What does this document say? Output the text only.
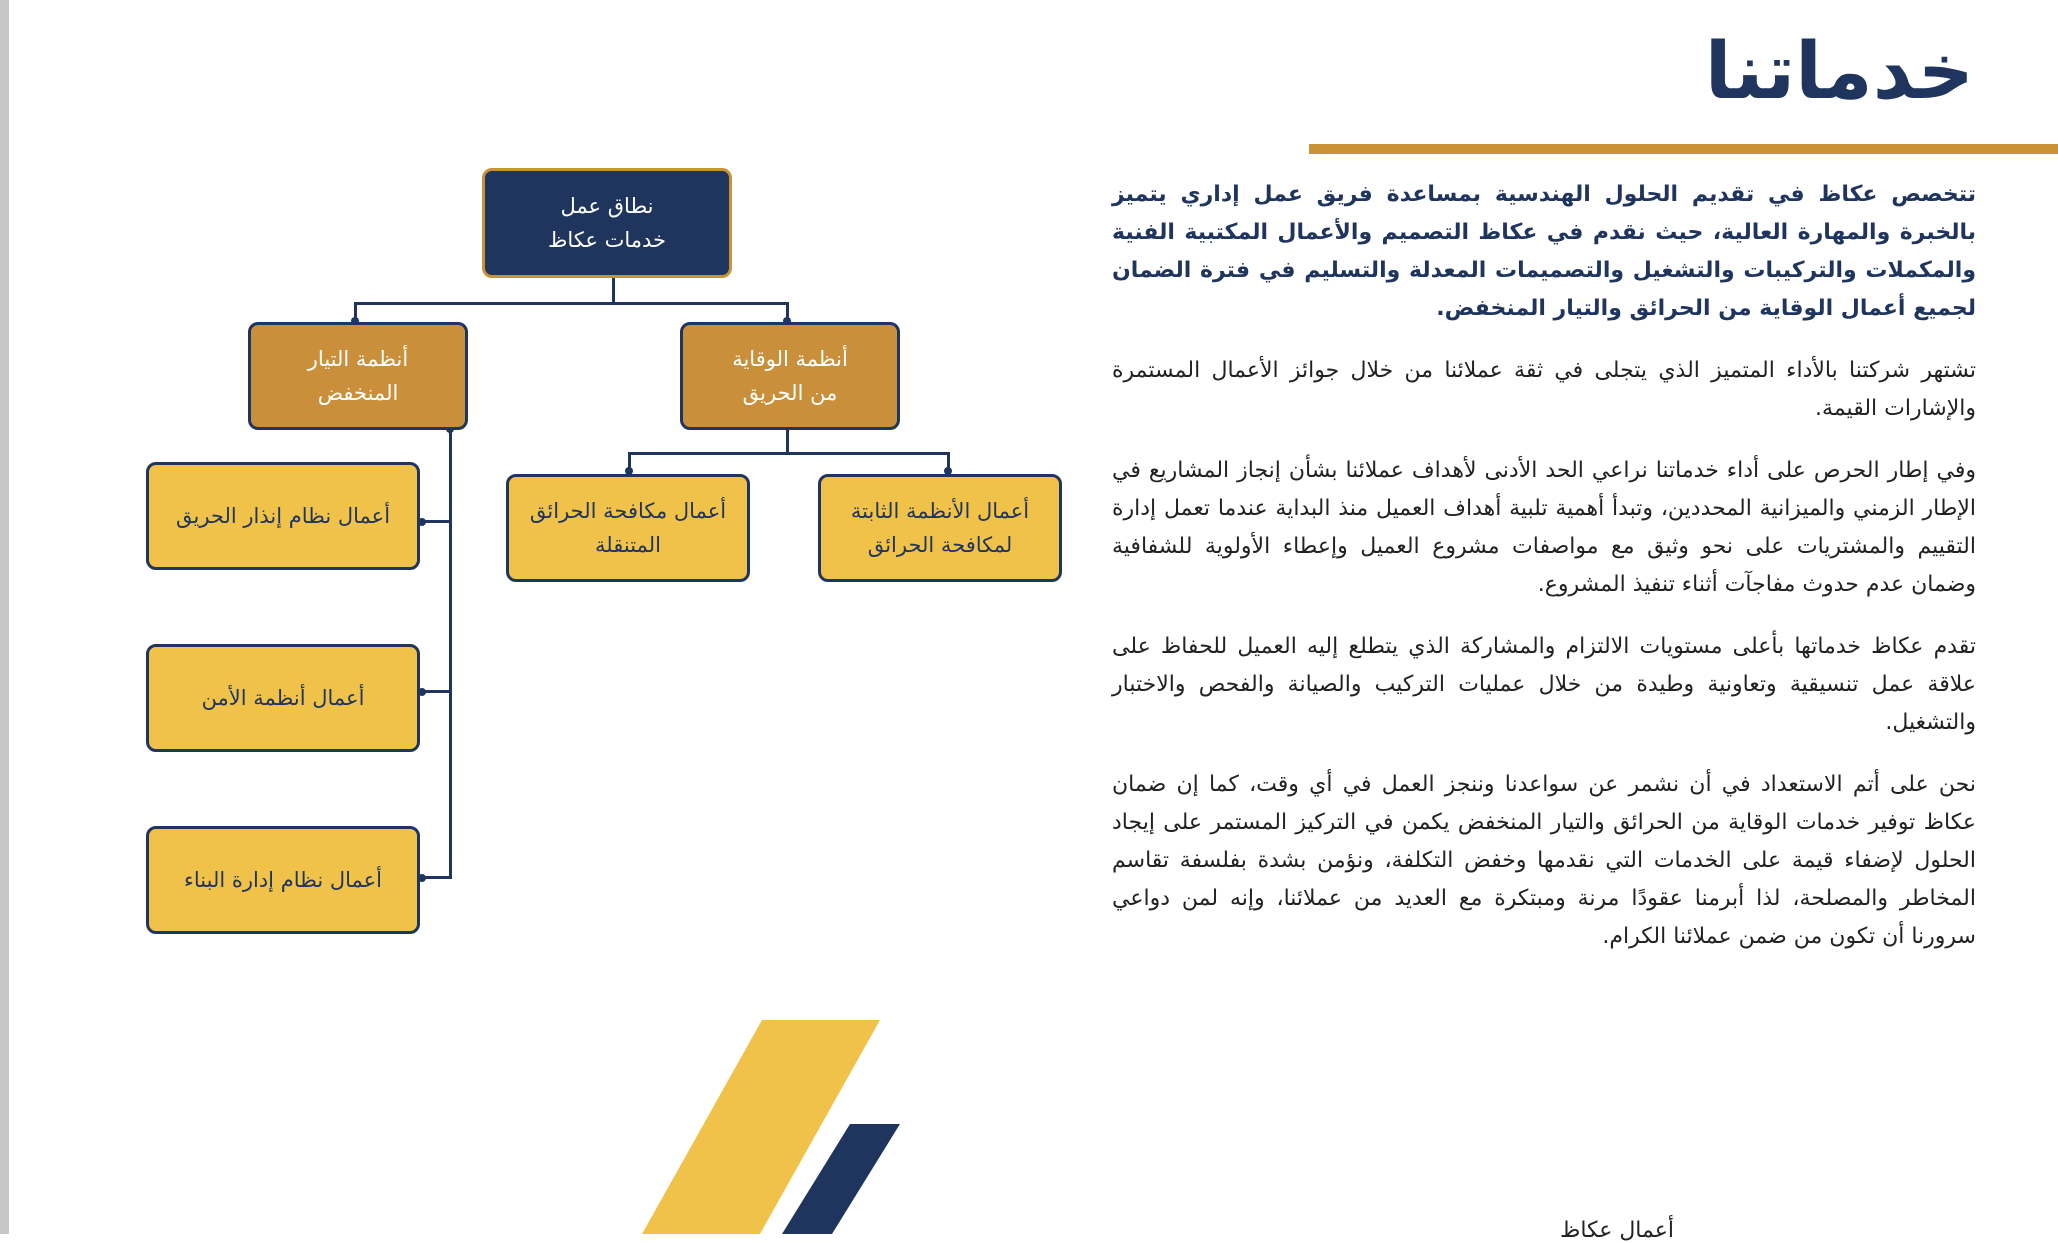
خدماتنا

تتخصص عكاظ في تقديم الحلول الهندسية بمساعدة فريق عمل إداري يتميز بالخبرة والمهارة العالية، حيث نقدم في عكاظ التصميم والأعمال المكتبية الفنية والمكملات والتركيبات والتشغيل والتصميمات المعدلة والتسليم في فترة الضمان لجميع أعمال الوقاية من الحرائق والتيار المنخفض.

تشتهر شركتنا بالأداء المتميز الذي يتجلى في ثقة عملائنا من خلال جوائز الأعمال المستمرة والإشارات القيمة.

وفي إطار الحرص على أداء خدماتنا نراعي الحد الأدنى لأهداف عملائنا بشأن إنجاز المشاريع في الإطار الزمني والميزانية المحددين، وتبدأ أهمية تلبية أهداف العميل منذ البداية عندما تعمل إدارة التقييم والمشتريات على نحو وثيق مع مواصفات مشروع العميل وإعطاء الأولوية للشفافية وضمان عدم حدوث مفاجآت أثناء تنفيذ المشروع.

تقدم عكاظ خدماتها بأعلى مستويات الالتزام والمشاركة الذي يتطلع إليه العميل للحفاظ على علاقة عمل تنسيقية وتعاونية وطيدة من خلال عمليات التركيب والصيانة والفحص والاختبار والتشغيل.

نحن على أتم الاستعداد في أن نشمر عن سواعدنا وننجز العمل في أي وقت، كما إن ضمان عكاظ توفير خدمات الوقاية من الحرائق والتيار المنخفض يكمن في التركيز المستمر على إيجاد الحلول لإضفاء قيمة على الخدمات التي نقدمها وخفض التكلفة، ونؤمن بشدة بفلسفة تقاسم المخاطر والمصلحة، لذا أبرمنا عقودًا مرنة ومبتكرة مع العديد من عملائنا، وإنه لمن دواعي سرورنا أن تكون من ضمن عملائنا الكرام.

نطاق عمل
خدمات عكاظ
أنظمة التيار
المنخفض
أنظمة الوقاية
من الحريق
أعمال مكافحة الحرائق
المتنقلة
أعمال الأنظمة الثابتة
لمكافحة الحرائق
أعمال نظام إنذار الحريق
أعمال أنظمة الأمن
أعمال نظام إدارة البناء
أعمال عكاظ
